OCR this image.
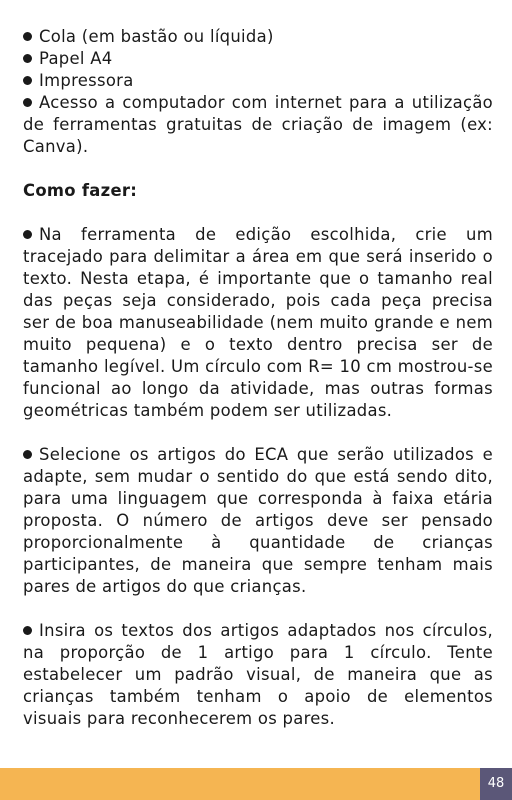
Cola (em bastão ou líquida)

Papel A4

Impressora

Acesso a computador com internet para a utilização de ferramentas gratuitas de criação de imagem (ex: Canva).

Como fazer:

Na ferramenta de edição escolhida, crie um tracejado para delimitar a área em que será inserido o texto. Nesta etapa, é importante que o tamanho real das peças seja considerado, pois cada peça precisa ser de boa manuseabilidade (nem muito grande e nem muito pequena) e o texto dentro precisa ser de tamanho legível. Um círculo com R= 10 cm mostrou-se funcional ao longo da atividade, mas outras formas geométricas também podem ser utilizadas.

Selecione os artigos do ECA que serão utilizados e adapte, sem mudar o sentido do que está sendo dito, para uma linguagem que corresponda à faixa etária proposta. O número de artigos deve ser pensado proporcionalmente à quantidade de crianças participantes, de maneira que sempre tenham mais pares de artigos do que crianças.

Insira os textos dos artigos adaptados nos círculos, na proporção de 1 artigo para 1 círculo. Tente estabelecer um padrão visual, de maneira que as crianças também tenham o apoio de elementos visuais para reconhecerem os pares.

48
